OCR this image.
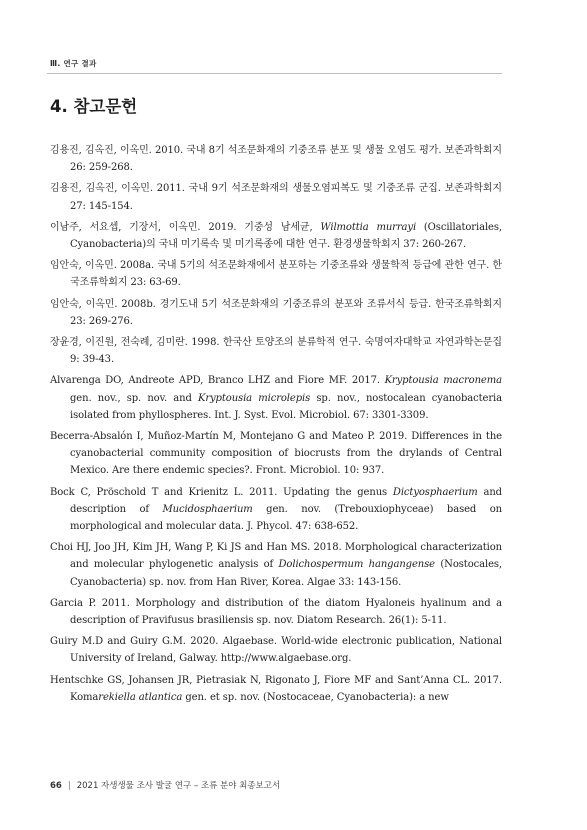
Ⅲ. 연구 결과
4. 참고문헌

김용진, 김옥진, 이옥민. 2010. 국내 8기 석조문화재의 기중조류 분포 및 생물 오염도 평가. 보존과학회지 26: 259-268.

김용진, 김옥진, 이옥민. 2011. 국내 9기 석조문화재의 생물오염피복도 및 기중조류 군집. 보존과학회지 27: 145-154.

이남주, 서요셉, 기장서, 이옥민. 2019. 기중성 남세균, Wilmottia murrayi (Oscillatoriales, Cyanobacteria)의 국내 미기록속 및 미기록종에 대한 연구. 환경생물학회지 37: 260-267.

임안숙, 이옥민. 2008a. 국내 5기의 석조문화재에서 분포하는 기중조류와 생물학적 등급에 관한 연구. 한국조류학회지 23: 63-69.

임안숙, 이옥민. 2008b. 경기도내 5기 석조문화재의 기중조류의 분포와 조류서식 등급. 한국조류학회지 23: 269-276.

장윤경, 이진원, 전숙례, 김미란. 1998. 한국산 토양조의 분류학적 연구. 숙명여자대학교 자연과학논문집 9: 39-43.

Alvarenga DO, Andreote APD, Branco LHZ and Fiore MF. 2017. Kryptousia macronema gen. nov., sp. nov. and Kryptousia microlepis sp. nov., nostocalean cyanobacteria isolated from phyllospheres. Int. J. Syst. Evol. Microbiol. 67: 3301-3309.

Becerra-Absalón I, Muñoz-Martín M, Montejano G and Mateo P. 2019. Differences in the cyanobacterial community composition of biocrusts from the drylands of Central Mexico. Are there endemic species?. Front. Microbiol. 10: 937.

Bock C, Pröschold T and Krienitz L. 2011. Updating the genus Dictyosphaerium and description of Mucidosphaerium gen. nov. (Trebouxiophyceae) based on morphological and molecular data. J. Phycol. 47: 638-652.

Choi HJ, Joo JH, Kim JH, Wang P, Ki JS and Han MS. 2018. Morphological characterization and molecular phylogenetic analysis of Dolichospermum hangangense (Nostocales, Cyanobacteria) sp. nov. from Han River, Korea. Algae 33: 143-156.

Garcia P. 2011. Morphology and distribution of the diatom Hyaloneis hyalinum and a description of Pravifusus brasiliensis sp. nov. Diatom Research. 26(1): 5-11.

Guiry M.D and Guiry G.M. 2020. Algaebase. World-wide electronic publication, National University of Ireland, Galway. http://www.algaebase.org.

Hentschke GS, Johansen JR, Pietrasiak N, Rigonato J, Fiore MF and Sant’Anna CL. 2017. Komarekiella atlantica gen. et sp. nov. (Nostocaceae, Cyanobacteria): a new

66 | 2021 자생생물 조사 발굴 연구 – 조류 분야 최종보고서
